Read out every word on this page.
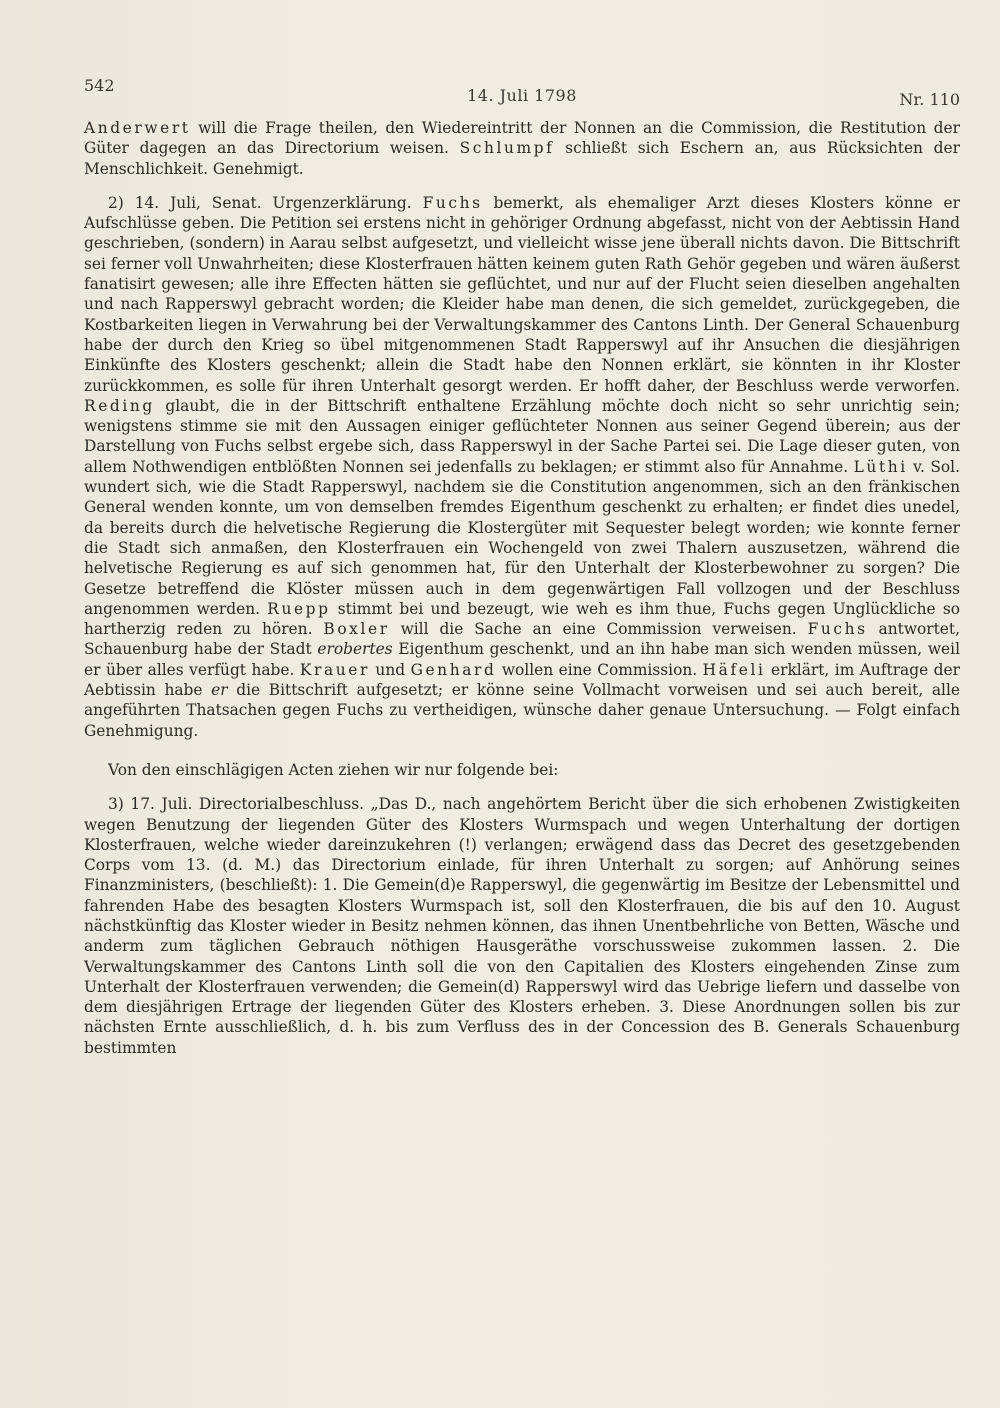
542
14. Juli 1798	Nr. 110

Anderwert will die Frage theilen, den Wiedereintritt der Nonnen an die Commission, die Restitution der Güter dagegen an das Directorium weisen. Schlumpf schließt sich Eschern an, aus Rücksichten der Menschlichkeit. Genehmigt.

2) 14. Juli, Senat. Urgenzerklärung. Fuchs bemerkt, als ehemaliger Arzt dieses Klosters könne er Aufschlüsse geben. Die Petition sei erstens nicht in gehöriger Ordnung abgefasst, nicht von der Aebtissin Hand geschrieben, (sondern) in Aarau selbst aufgesetzt, und vielleicht wisse jene überall nichts davon. Die Bittschrift sei ferner voll Unwahrheiten; diese Klosterfrauen hätten keinem guten Rath Gehör gegeben und wären äußerst fanatisirt gewesen; alle ihre Effecten hätten sie geflüchtet, und nur auf der Flucht seien dieselben angehalten und nach Rapperswyl gebracht worden; die Kleider habe man denen, die sich gemeldet, zurückgegeben, die Kostbarkeiten liegen in Verwahrung bei der Verwaltungskammer des Cantons Linth. Der General Schauenburg habe der durch den Krieg so übel mitgenommenen Stadt Rapperswyl auf ihr Ansuchen die diesjährigen Einkünfte des Klosters geschenkt; allein die Stadt habe den Nonnen erklärt, sie könnten in ihr Kloster zurückkommen, es solle für ihren Unterhalt gesorgt werden. Er hofft daher, der Beschluss werde verworfen. Reding glaubt, die in der Bittschrift enthaltene Erzählung möchte doch nicht so sehr unrichtig sein; wenigstens stimme sie mit den Aussagen einiger geflüchteter Nonnen aus seiner Gegend überein; aus der Darstellung von Fuchs selbst ergebe sich, dass Rapperswyl in der Sache Partei sei. Die Lage dieser guten, von allem Nothwendigen entblößten Nonnen sei jedenfalls zu beklagen; er stimmt also für Annahme. Lüthi v. Sol. wundert sich, wie die Stadt Rapperswyl, nachdem sie die Constitution angenommen, sich an den fränkischen General wenden konnte, um von demselben fremdes Eigenthum geschenkt zu erhalten; er findet dies unedel, da bereits durch die helvetische Regierung die Klostergüter mit Sequester belegt worden; wie konnte ferner die Stadt sich anmaßen, den Klosterfrauen ein Wochengeld von zwei Thalern auszusetzen, während die helvetische Regierung es auf sich genommen hat, für den Unterhalt der Klosterbewohner zu sorgen? Die Gesetze betreffend die Klöster müssen auch in dem gegenwärtigen Fall vollzogen und der Beschluss angenommen werden. Ruepp stimmt bei und bezeugt, wie weh es ihm thue, Fuchs gegen Unglückliche so hartherzig reden zu hören. Boxler will die Sache an eine Commission verweisen. Fuchs antwortet, Schauenburg habe der Stadt erobertes Eigenthum geschenkt, und an ihn habe man sich wenden müssen, weil er über alles verfügt habe. Krauer und Genhard wollen eine Commission. Häfeli erklärt, im Auftrage der Aebtissin habe er die Bittschrift aufgesetzt; er könne seine Vollmacht vorweisen und sei auch bereit, alle angeführten Thatsachen gegen Fuchs zu vertheidigen, wünsche daher genaue Untersuchung. — Folgt einfach Genehmigung.

Von den einschlägigen Acten ziehen wir nur folgende bei:

3) 17. Juli. Directorialbeschluss. „Das D., nach angehörtem Bericht über die sich erhobenen Zwistigkeiten wegen Benutzung der liegenden Güter des Klosters Wurmspach und wegen Unterhaltung der dortigen Klosterfrauen, welche wieder dareinzukehren (!) verlangen; erwägend dass das Decret des gesetzgebenden Corps vom 13. (d. M.) das Directorium einlade, für ihren Unterhalt zu sorgen; auf Anhörung seines Finanzministers, (beschließt): 1. Die Gemein(d)e Rapperswyl, die gegenwärtig im Besitze der Lebensmittel und fahrenden Habe des besagten Klosters Wurmspach ist, soll den Klosterfrauen, die bis auf den 10. August nächstkünftig das Kloster wieder in Besitz nehmen können, das ihnen Unentbehrliche von Betten, Wäsche und anderm zum täglichen Gebrauch nöthigen Hausgeräthe vorschussweise zukommen lassen. 2. Die Verwaltungskammer des Cantons Linth soll die von den Capitalien des Klosters eingehenden Zinse zum Unterhalt der Klosterfrauen verwenden; die Gemein(d) Rapperswyl wird das Uebrige liefern und dasselbe von dem diesjährigen Ertrage der liegenden Güter des Klosters erheben. 3. Diese Anordnungen sollen bis zur nächsten Ernte ausschließlich, d. h. bis zum Verfluss des in der Concession des B. Generals Schauenburg bestimmten
